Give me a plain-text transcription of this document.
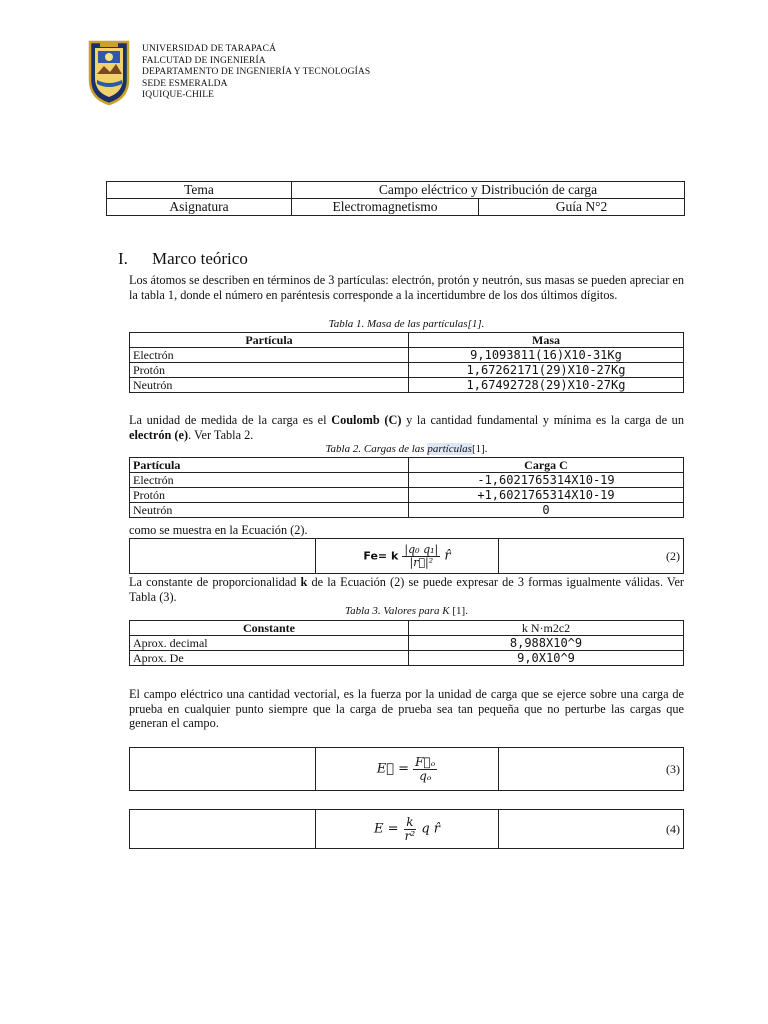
UNIVERSIDAD DE TARAPACÁ
FALCUTAD DE INGENIERÍA
DEPARTAMENTO DE INGENIERÍA Y TECNOLOGÍAS
SEDE ESMERALDA
IQUIQUE-CHILE
Tema	Campo eléctrico y Distribución de carga	
Asignatura	Electromagnetismo	Guía N°2
I. Marco teórico
Los átomos se describen en términos de 3 partículas: electrón, protón y neutrón, sus masas se pueden apreciar en la tabla 1, donde el número en paréntesis corresponde a la incertidumbre de los dos últimos dígitos.
Tabla 1. Masa de las partículas[1].
Partícula	Masa
Electrón	9,1093811(16)X10-31Kg
Protón	1,67262171(29)X10-27Kg
Neutrón	1,67492728(29)X10-27Kg
La unidad de medida de la carga es el Coulomb (C) y la cantidad fundamental y mínima es la carga de un electrón (e). Ver Tabla 2.
Tabla 2. Cargas de las partículas[1].
Partícula	Carga C
Electrón	-1,6021765314X10-19
Protón	+1,6021765314X10-19
Neutrón	0
como se muestra en la Ecuación (2).
	Fe= k $\frac{\text{|q₀ q₁|}}{\text{|r⃗|²}}$ r̂	(2)
La constante de proporcionalidad k de la Ecuación (2) se puede expresar de 3 formas igualmente válidas. Ver Tabla (3).
Tabla 3. Valores para K [1].
Constante	k N·m2c2
Aprox. decimal	8,988X10^9
Aprox. De	9,0X10^9
El campo eléctrico una cantidad vectorial, es la fuerza por la unidad de carga que se ejerce sobre una carga de prueba en cualquier punto siempre que la carga de prueba sea tan pequeña que no perturbe las cargas que generan el campo.
	E⃗ = $\frac{\text{F⃗ₒ}}{\text{qₒ}}$	(3)
	$E = \frac{k}{\text{r²}}$ q r̂	(4)
